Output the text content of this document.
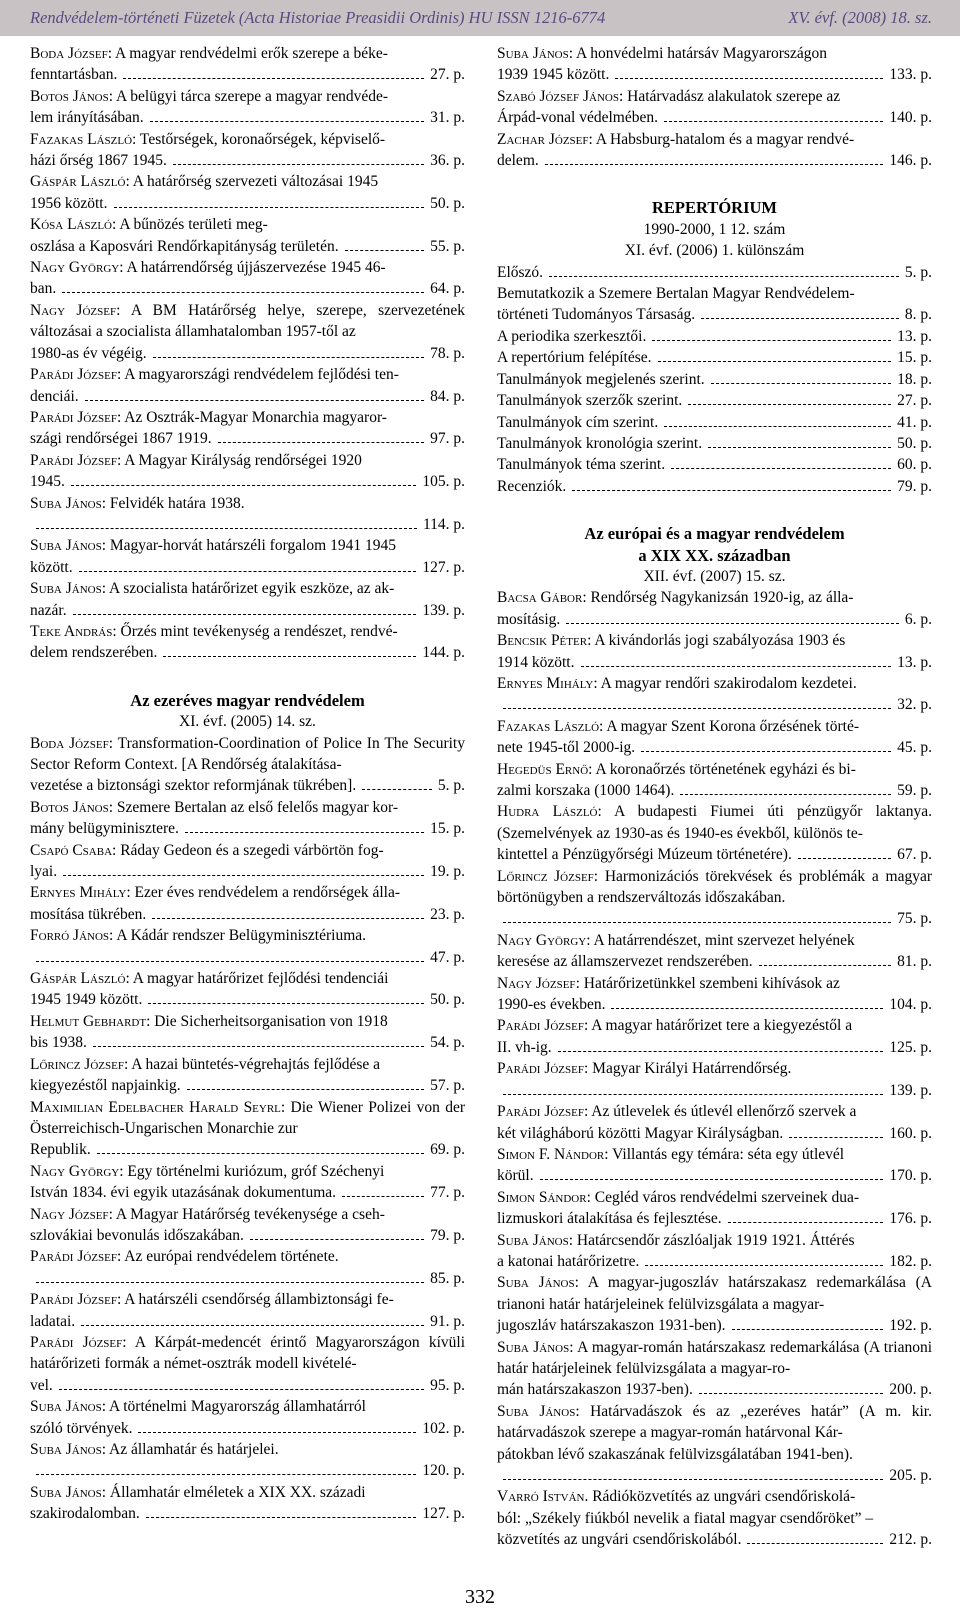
Rendvédelem-történeti Füzetek (Acta Historiae Preasidii Ordinis) HU ISSN 1216-6774	XV. évf. (2008) 18. sz.
Boda József: A magyar rendvédelmi erők szerepe a béke-
fenntartásban.	27. p.
Botos János: A belügyi tárca szerepe a magyar rendvéde-
lem irányításában.	31. p.
Fazakas László: Testőrségek, koronaőrségek, képviselő-
házi őrség 1867 1945.	36. p.
Gáspár László: A határőrség szervezeti változásai 1945
1956 között.	50. p.
Kósa László: A bűnözés területi meg-
oszlása a Kaposvári Rendőrkapitányság területén.	55. p.
Nagy György: A határrendőrség újjászervezése 1945 46-
ban.	64. p.
Nagy József: A BM Határőrség helye, szerepe, szervezetének változásai a szocialista államhatalomban 1957-től az
1980-as év végéig.	78. p.
Parádi József: A magyarországi rendvédelem fejlődési ten-
denciái.	84. p.
Parádi József: Az Osztrák-Magyar Monarchia magyaror-
szági rendőrségei 1867 1919.	97. p.
Parádi József: A Magyar Királyság rendőrségei 1920
1945.	105. p.
Suba János: Felvidék határa 1938.
114. p.
Suba János: Magyar-horvát határszéli forgalom 1941 1945
között.	127. p.
Suba János: A szocialista határőrizet egyik eszköze, az ak-
nazár.	139. p.
Teke András: Őrzés mint tevékenység a rendészet, rendvé-
delem rendszerében.	144. p.
Az ezeréves magyar rendvédelem
XI. évf. (2005) 14. sz.
Boda József: Transformation-Coordination of Police In The Security Sector Reform Context. [A Rendőrség átalakítása-
vezetése a biztonsági szektor reformjának tükrében].	5. p.
Botos János: Szemere Bertalan az első felelős magyar kor-
mány belügyminisztere.	15. p.
Csapó Csaba: Ráday Gedeon és a szegedi várbörtön fog-
lyai.	19. p.
Ernyes Mihály: Ezer éves rendvédelem a rendőrségek álla-
mosítása tükrében.	23. p.
Forró János: A Kádár rendszer Belügyminisztériuma.
47. p.
Gáspár László: A magyar határőrizet fejlődési tendenciái
1945 1949 között.	50. p.
Helmut Gebhardt: Die Sicherheitsorganisation von 1918
bis 1938.	54. p.
Lőrincz József: A hazai büntetés-végrehajtás fejlődése a
kiegyezéstől napjainkig.	57. p.
Maximilian Edelbacher Harald Seyrl: Die Wiener Polizei von der Österreichisch-Ungarischen Monarchie zur
Republik.	69. p.
Nagy György: Egy történelmi kuriózum, gróf Széchenyi
István 1834. évi egyik utazásának dokumentuma.	77. p.
Nagy József: A Magyar Határőrség tevékenysége a cseh-
szlovákiai bevonulás időszakában.	79. p.
Parádi József: Az európai rendvédelem története.
85. p.
Parádi József: A határszéli csendőrség állambiztonsági fe-
ladatai.	91. p.
Parádi József: A Kárpát-medencét érintő Magyarországon kívüli határőrizeti formák a német-osztrák modell kivételé-
vel.	95. p.
Suba János: A történelmi Magyarország államhatárról
szóló törvények.	102. p.
Suba János: Az államhatár és határjelei.
120. p.
Suba János: Államhatár elméletek a XIX XX. századi
szakirodalomban.	127. p.
Suba János: A honvédelmi határsáv Magyarországon
1939 1945 között.	133. p.
Szabó József János: Határvadász alakulatok szerepe az
Árpád-vonal védelmében.	140. p.
Zachar József: A Habsburg-hatalom és a magyar rendvé-
delem.	146. p.
REPERTÓRIUM
1990-2000, 1 12. szám
XI. évf. (2006) 1. különszám
Előszó.	5. p.
Bemutatkozik a Szemere Bertalan Magyar Rendvédelem-
történeti Tudományos Társaság.	8. p.
A periodika szerkesztői.	13. p.
A repertórium felépítése.	15. p.
Tanulmányok megjelenés szerint.	18. p.
Tanulmányok szerzők szerint.	27. p.
Tanulmányok cím szerint.	41. p.
Tanulmányok kronológia szerint.	50. p.
Tanulmányok téma szerint.	60. p.
Recenziók.	79. p.
Az európai és a magyar rendvédelem
a XIX XX. században
XII. évf. (2007) 15. sz.
Bacsa Gábor: Rendőrség Nagykanizsán 1920-ig, az álla-
mosításig.	6. p.
Bencsik Péter: A kivándorlás jogi szabályozása 1903 és
1914 között.	13. p.
Ernyes Mihály: A magyar rendőri szakirodalom kezdetei.
32. p.
Fazakas László: A magyar Szent Korona őrzésének törté-
nete 1945-től 2000-ig.	45. p.
Hegedüs Ernő: A koronaőrzés történetének egyházi és bi-
zalmi korszaka (1000 1464).	59. p.
Hudra László: A budapesti Fiumei úti pénzügyőr laktanya. (Szemelvények az 1930-as és 1940-es évekből, különös te-
kintettel a Pénzügyőrségi Múzeum történetére).	67. p.
Lőrincz József: Harmonizációs törekvések és problémák a magyar börtönügyben a rendszerváltozás időszakában.
75. p.
Nagy György: A határrendészet, mint szervezet helyének
keresése az államszervezet rendszerében.	81. p.
Nagy József: Határőrizetünkkel szembeni kihívások az
1990-es években.	104. p.
Parádi József: A magyar határőrizet tere a kiegyezéstől a
II. vh-ig.	125. p.
Parádi József: Magyar Királyi Határrendőrség.
139. p.
Parádi József: Az útlevelek és útlevél ellenőrző szervek a
két világháború közötti Magyar Királyságban.	160. p.
Simon F. Nándor: Villantás egy témára: séta egy útlevél
körül.	170. p.
Simon Sándor: Cegléd város rendvédelmi szerveinek dua-
lizmuskori átalakítása és fejlesztése.	176. p.
Suba János: Határcsendőr zászlóaljak 1919 1921. Áttérés
a katonai határőrizetre.	182. p.
Suba János: A magyar-jugoszláv határszakasz redemarkálása (A trianoni határ határjeleinek felülvizsgálata a magyar-
jugoszláv határszakaszon 1931-ben).	192. p.
Suba János: A magyar-román határszakasz redemarkálása (A trianoni határ határjeleinek felülvizsgálata a magyar-ro-
mán határszakaszon 1937-ben).	200. p.
Suba János: Határvadászok és az „ezeréves határ” (A m. kir. határvadászok szerepe a magyar-román határvonal Kár-
pátokban lévő szakaszának felülvizsgálatában 1941-ben).
205. p.
Varró István. Rádióközvetítés az ungvári csendőriskolá-
ból: „Székely fiúkból nevelik a fiatal magyar csendőröket” –
közvetítés az ungvári csendőriskolából.	212. p.
332
